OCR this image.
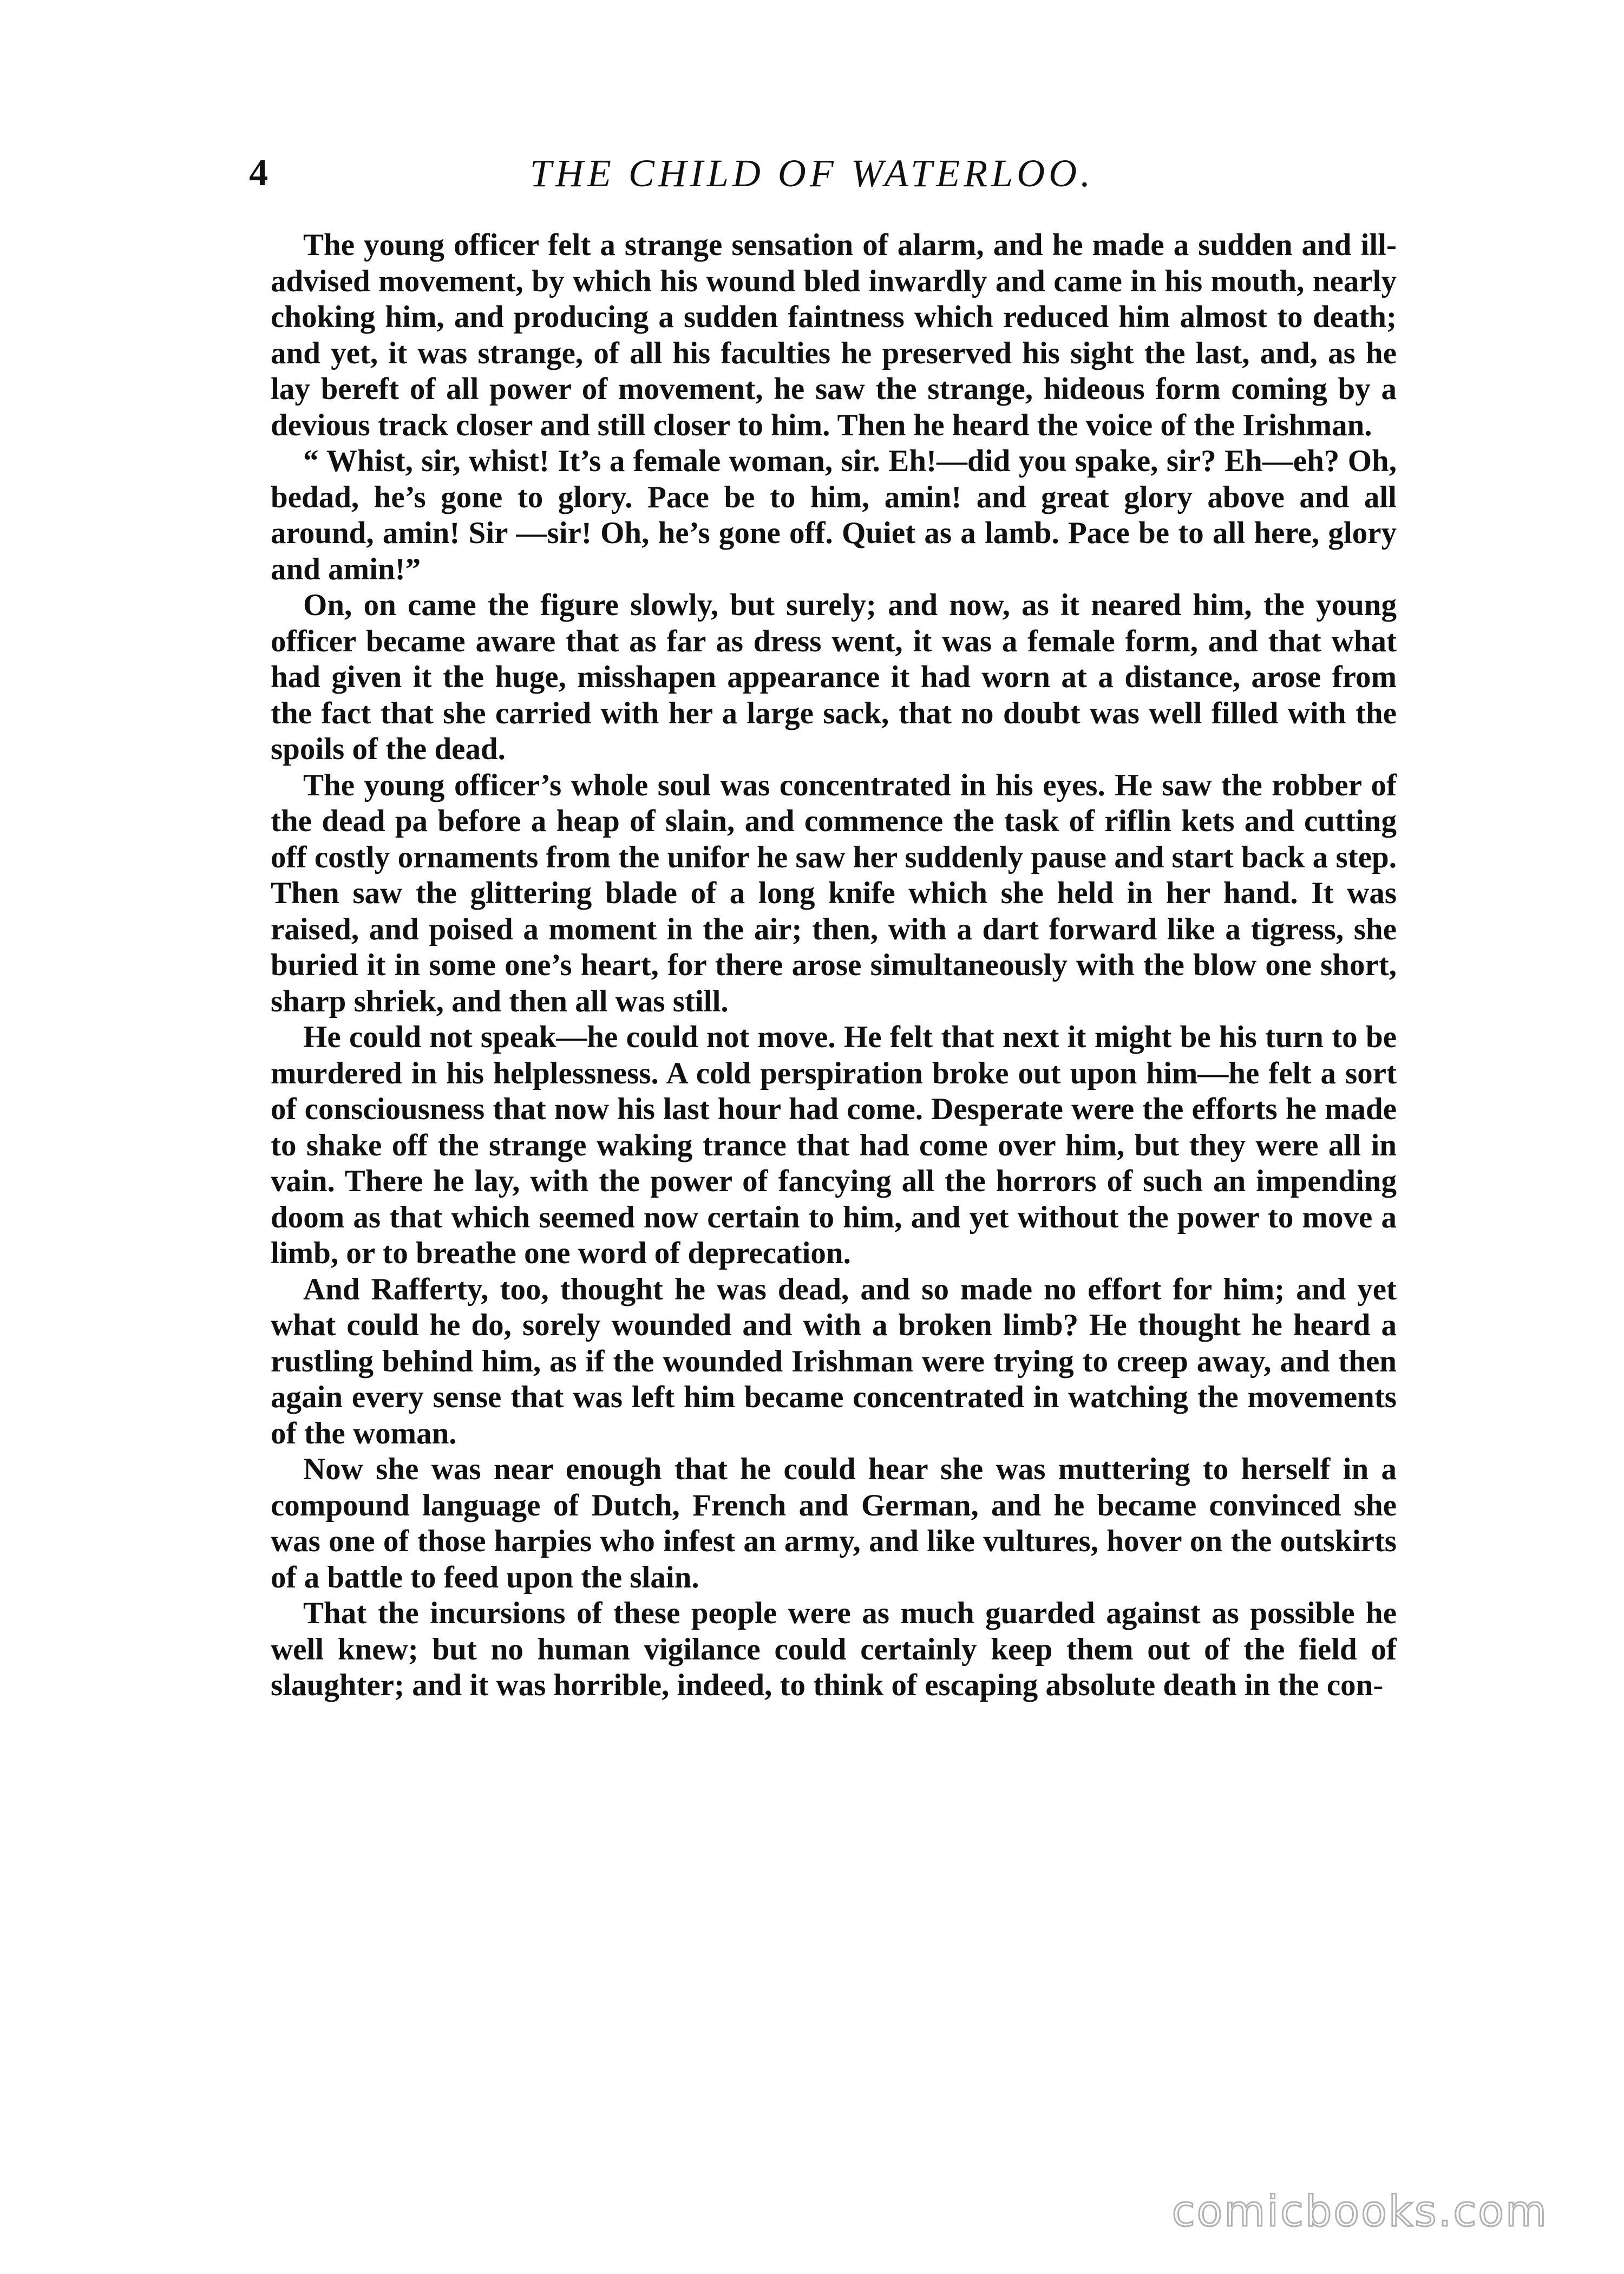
4	THE CHILD OF WATERLOO.

The young officer felt a strange sensation of alarm, and he made a sudden and ill-advised movement, by which his wound bled inwardly and came in his mouth, nearly choking him, and producing a sudden faintness which reduced him almost to death; and yet, it was strange, of all his faculties he preserved his sight the last, and, as he lay bereft of all power of movement, he saw the strange, hideous form coming by a devious track closer and still closer to him. Then he heard the voice of the Irishman.

“ Whist, sir, whist! It’s a female woman, sir. Eh!—did you spake, sir? Eh—eh? Oh, bedad, he’s gone to glory. Pace be to him, amin! and great glory above and all around, amin! Sir —sir! Oh, he’s gone off. Quiet as a lamb. Pace be to all here, glory and amin!”

On, on came the figure slowly, but surely; and now, as it neared him, the young officer became aware that as far as dress went, it was a female form, and that what had given it the huge, misshapen appearance it had worn at a distance, arose from the fact that she carried with her a large sack, that no doubt was well filled with the spoils of the dead.

The young officer’s whole soul was concentrated in his eyes. He saw the robber of the dead pa before a heap of slain, and commence the task of riflin kets and cutting off costly ornaments from the unifor he saw her suddenly pause and start back a step. Then saw the glittering blade of a long knife which she held in her hand. It was raised, and poised a moment in the air; then, with a dart forward like a tigress, she buried it in some one’s heart, for there arose simultaneously with the blow one short, sharp shriek, and then all was still.

He could not speak—he could not move. He felt that next it might be his turn to be murdered in his helplessness. A cold perspiration broke out upon him—he felt a sort of consciousness that now his last hour had come. Desperate were the efforts he made to shake off the strange waking trance that had come over him, but they were all in vain. There he lay, with the power of fancying all the horrors of such an impending doom as that which seemed now certain to him, and yet without the power to move a limb, or to breathe one word of deprecation.

And Rafferty, too, thought he was dead, and so made no effort for him; and yet what could he do, sorely wounded and with a broken limb? He thought he heard a rustling behind him, as if the wounded Irishman were trying to creep away, and then again every sense that was left him became concentrated in watching the movements of the woman.

Now she was near enough that he could hear she was muttering to herself in a compound language of Dutch, French and German, and he became convinced she was one of those harpies who infest an army, and like vultures, hover on the outskirts of a battle to feed upon the slain.

That the incursions of these people were as much guarded against as possible he well knew; but no human vigilance could certainly keep them out of the field of slaughter; and it was horrible, indeed, to think of escaping absolute death in the con-

comicbooks.com
